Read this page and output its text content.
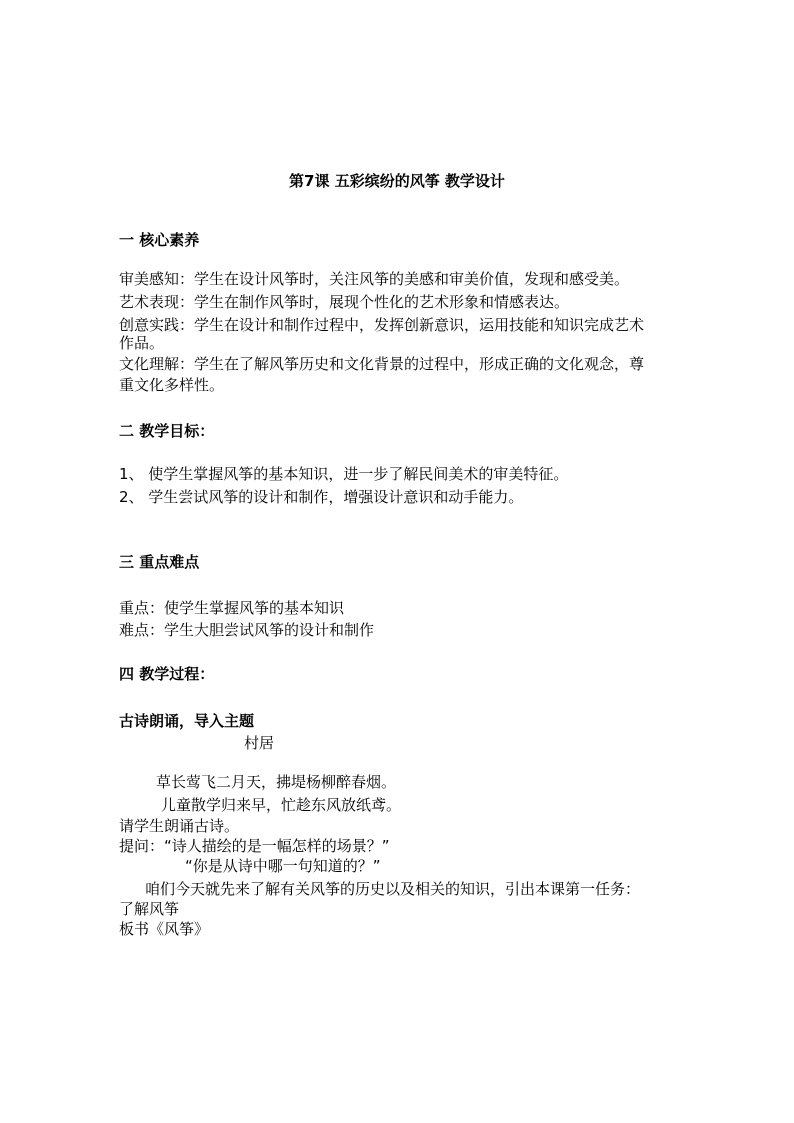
第7课 五彩缤纷的风筝 教学设计
一 核心素养
审美感知：学生在设计风筝时，关注风筝的美感和审美价值，发现和感受美。
艺术表现：学生在制作风筝时，展现个性化的艺术形象和情感表达。
创意实践：学生在设计和制作过程中，发挥创新意识，运用技能和知识完成艺术
作品。
文化理解：学生在了解风筝历史和文化背景的过程中，形成正确的文化观念，尊
重文化多样性。
二 教学目标：
1、 使学生掌握风筝的基本知识，进一步了解民间美术的审美特征。
2、 学生尝试风筝的设计和制作，增强设计意识和动手能力。
三 重点难点
重点：使学生掌握风筝的基本知识
难点：学生大胆尝试风筝的设计和制作
四 教学过程：
古诗朗诵，导入主题
村居
草长莺飞二月天，拂堤杨柳醉春烟。
儿童散学归来早，忙趁东风放纸鸢。
请学生朗诵古诗。
提问：“诗人描绘的是一幅怎样的场景？”
“你是从诗中哪一句知道的？”
咱们今天就先来了解有关风筝的历史以及相关的知识，引出本课第一任务：
了解风筝
板书《风筝》
